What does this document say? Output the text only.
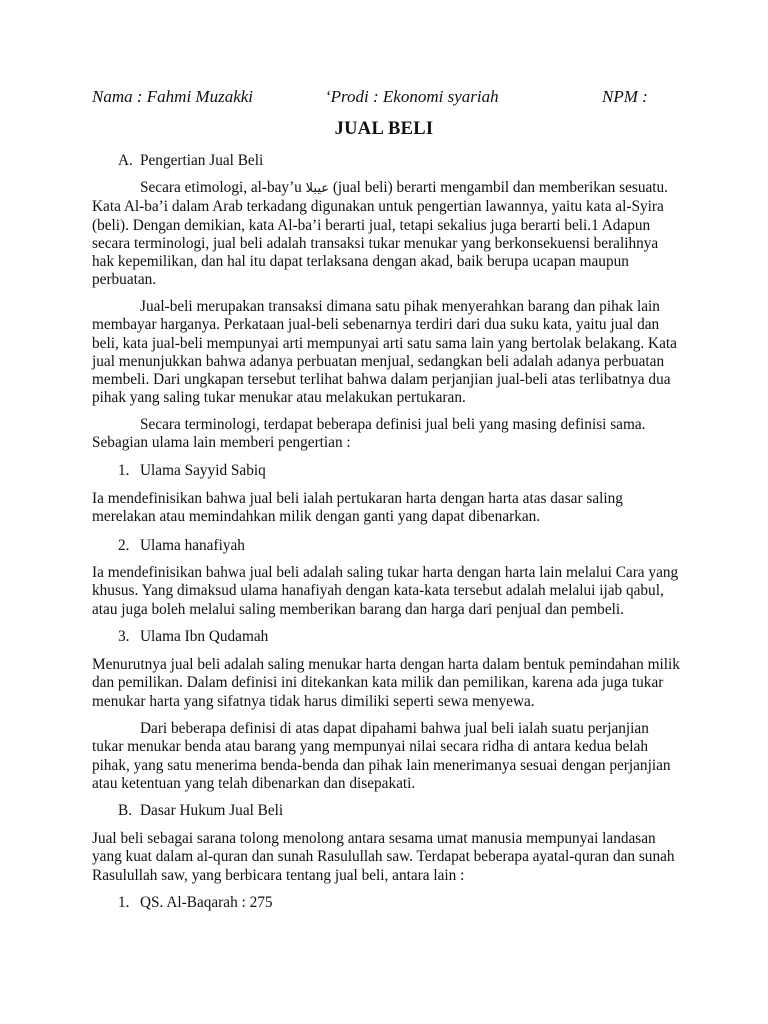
Nama : Fahmi Muzakki	‘Prodi : Ekonomi syariah	NPM :
JUAL BELI
A. Pengertian Jual Beli

Secara etimologi, al-bay’u عيبلا (jual beli) berarti mengambil dan memberikan sesuatu. Kata Al-ba’i dalam Arab terkadang digunakan untuk pengertian lawannya, yaitu kata al-Syira (beli). Dengan demikian, kata Al-ba’i berarti jual, tetapi sekalius juga berarti beli.1 Adapun secara terminologi, jual beli adalah transaksi tukar menukar yang berkonsekuensi beralihnya hak kepemilikan, dan hal itu dapat terlaksana dengan akad, baik berupa ucapan maupun perbuatan.

Jual-beli merupakan transaksi dimana satu pihak menyerahkan barang dan pihak lain membayar harganya. Perkataan jual-beli sebenarnya terdiri dari dua suku kata, yaitu jual dan beli, kata jual-beli mempunyai arti mempunyai arti satu sama lain yang bertolak belakang. Kata jual menunjukkan bahwa adanya perbuatan menjual, sedangkan beli adalah adanya perbuatan membeli. Dari ungkapan tersebut terlihat bahwa dalam perjanjian jual-beli atas terlibatnya dua pihak yang saling tukar menukar atau melakukan pertukaran.

Secara terminologi, terdapat beberapa definisi jual beli yang masing definisi sama. Sebagian ulama lain memberi pengertian :

1. Ulama Sayyid Sabiq

Ia mendefinisikan bahwa jual beli ialah pertukaran harta dengan harta atas dasar saling merelakan atau memindahkan milik dengan ganti yang dapat dibenarkan.

2. Ulama hanafiyah

Ia mendefinisikan bahwa jual beli adalah saling tukar harta dengan harta lain melalui Cara yang khusus. Yang dimaksud ulama hanafiyah dengan kata-kata tersebut adalah melalui ijab qabul, atau juga boleh melalui saling memberikan barang dan harga dari penjual dan pembeli.

3. Ulama Ibn Qudamah

Menurutnya jual beli adalah saling menukar harta dengan harta dalam bentuk pemindahan milik dan pemilikan. Dalam definisi ini ditekankan kata milik dan pemilikan, karena ada juga tukar menukar harta yang sifatnya tidak harus dimiliki seperti sewa menyewa.

Dari beberapa definisi di atas dapat dipahami bahwa jual beli ialah suatu perjanjian tukar menukar benda atau barang yang mempunyai nilai secara ridha di antara kedua belah pihak, yang satu menerima benda-benda dan pihak lain menerimanya sesuai dengan perjanjian atau ketentuan yang telah dibenarkan dan disepakati.

B. Dasar Hukum Jual Beli

Jual beli sebagai sarana tolong menolong antara sesama umat manusia mempunyai landasan yang kuat dalam al-quran dan sunah Rasulullah saw. Terdapat beberapa ayatal-quran dan sunah Rasulullah saw, yang berbicara tentang jual beli, antara lain :

1. QS. Al-Baqarah : 275
